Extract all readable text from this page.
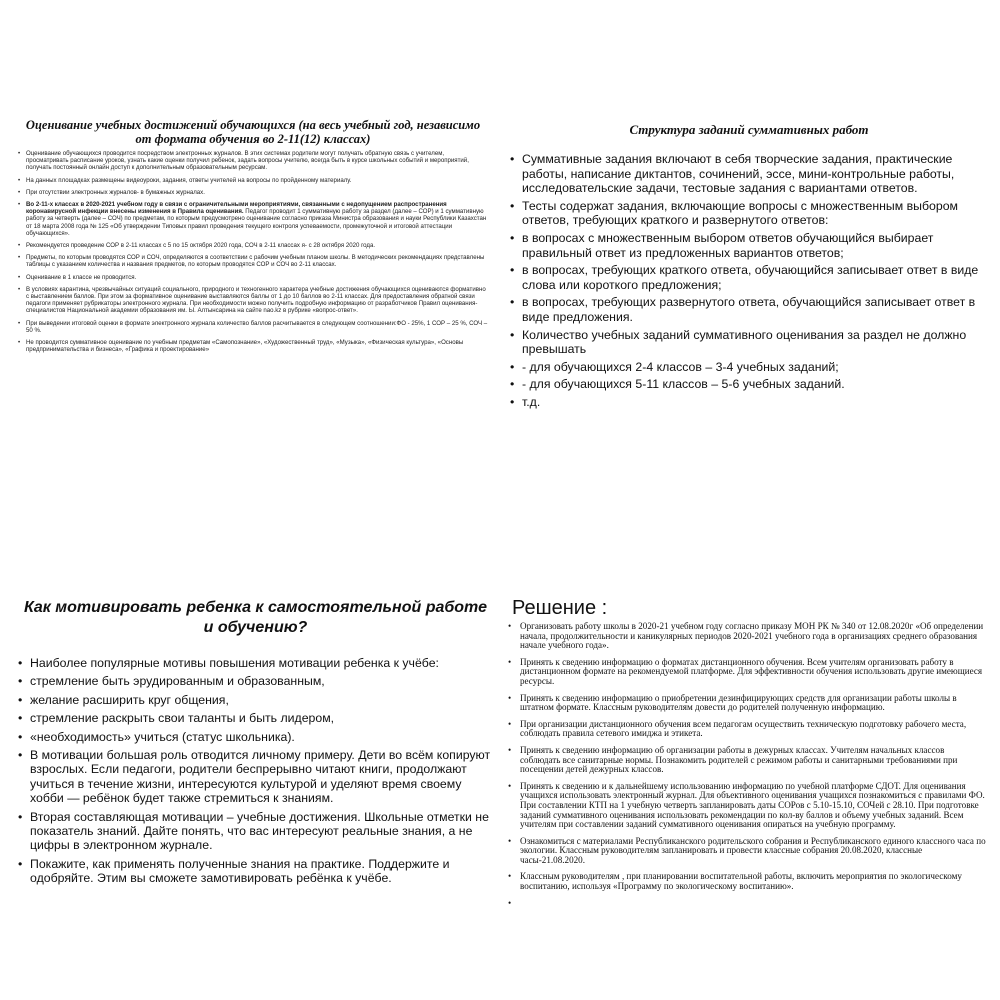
Оценивание учебных достижений обучающихся (на весь учебный год, независимо от формата обучения во 2-11(12) классах)
• Оценивание обучающихся проводится посредством электронных журналов. В этих системах родители могут получать обратную связь с учителем, просматривать расписание уроков, узнать какие оценки получил ребенок, задать вопросы учителю, всегда быть в курсе школьных событий и мероприятий, получать постоянный онлайн доступ к дополнительным образовательным ресурсам.
• На данных площадках размещены видеоуроки, задания, ответы учителей на вопросы по пройденному материалу.
• При отсутствии электронных журналов- в бумажных журналах.
• Во 2-11-х классах в 2020-2021 учебном году в связи с ограничительными мероприятиями, связанными с недопущением распространения коронавирусной инфекции внесены изменения в Правила оценивания. Педагог проводит 1 суммативную работу за раздел (далее – СОР) и 1 суммативную работу за четверть (далее – СОЧ) по предметам, по которым предусмотрено оценивание согласно приказа Министра образования и науки Республики Казахстан от 18 марта 2008 года № 125 «Об утверждении Типовых правил проведения текущего контроля успеваемости, промежуточной и итоговой аттестации обучающихся».
• Рекомендуется проведение СОР в 2-11 классах с 5 по 15 октября 2020 года, СОЧ в 2-11 классах я- с 28 октября 2020 года.
• Предметы, по которым проводятся СОР и СОЧ, определяются в соответствии с рабочим учебным планом школы. В методических рекомендациях представлены таблицы с указанием количества и названия предметов, по которым проводятся СОР и СОЧ во 2-11 классах.
• Оценивание в 1 классе не проводится.
• В условиях карантина, чрезвычайных ситуаций социального, природного и техногенного характера учебные достижения обучающихся оцениваются формативно с выставлением баллов. При этом за формативное оценивание выставляются баллы от 1 до 10 баллов во 2-11 классах. Для предоставления обратной связи педагоги применяет рубрикаторы электронного журнала. При необходимости можно получить подробную информацию от разработчиков Правил оценивания- специалистов Национальной академии образования им. Ы. Алтынсарина на сайте nao.kz в рубрике «вопрос-ответ».
• При выведении итоговой оценки в формате электронного журнала количество баллов расчитывается в следующем соотношении:ФО - 25%, 1 СОР – 25 %, СОЧ – 50 %.
• Не проводится суммативное оценивание по учебным предметам «Самопознание», «Художественный труд», «Музыка», «Физическая культура», «Основы предпринимательства и бизнеса», «Графика и проектирование»
Структура заданий суммативных работ
• Суммативные задания включают в себя творческие задания, практические работы, написание диктантов, сочинений, эссе, мини-контрольные работы, исследовательские задачи, тестовые задания с вариантами ответов.
• Тесты содержат задания, включающие вопросы с множественным выбором ответов, требующих краткого и развернутого ответов:
• в вопросах с множественным выбором ответов обучающийся выбирает правильный ответ из предложенных вариантов ответов;
• в вопросах, требующих краткого ответа, обучающийся записывает ответ в виде слова или короткого предложения;
• в вопросах, требующих развернутого ответа, обучающийся записывает ответ в виде предложения.
• Количество учебных заданий суммативного оценивания за раздел не должно превышать
• - для обучающихся 2-4 классов – 3-4 учебных заданий;
• - для обучающихся 5-11 классов – 5-6 учебных заданий.
• т.д.
Как мотивировать ребенка к самостоятельной работе и обучению?
• Наиболее популярные мотивы повышения мотивации ребенка к учёбе:
• стремление быть эрудированным и образованным,
• желание расширить круг общения,
• стремление раскрыть свои таланты и быть лидером,
• «необходимость» учиться (статус школьника).
• В мотивации большая роль отводится личному примеру. Дети во всём копируют взрослых. Если педагоги, родители беспрерывно читают книги, продолжают учиться в течение жизни, интересуются культурой и уделяют время своему хобби — ребёнок будет также стремиться к знаниям.
• Вторая составляющая мотивации – учебные достижения. Школьные отметки не показатель знаний. Дайте понять, что вас интересуют реальные знания, а не цифры в электронном журнале.
• Покажите, как применять полученные знания на практике. Поддержите и одобряйте. Этим вы сможете замотивировать ребёнка к учёбе.
Решение :
• Организовать работу школы в 2020-21 учебном году согласно приказу МОН РК № 340 от 12.08.2020г «Об определении начала, продолжительности и каникулярных периодов 2020-2021 учебного года в организациях среднего образования начале учебного года».
• Принять к сведению информацию о форматах дистанционного обучения. Всем учителям организовать работу в дистанционном формате на рекомендуемой платформе. Для эффективности обучения использовать другие имеющиеся ресурсы.
• Принять к сведению информацию о приобретении дезинфицирующих средств для организации работы школы в штатном формате. Классным руководителям довести до родителей полученную информацию.
• При организации дистанционного обучения всем педагогам осуществить техническую подготовку рабочего места, соблюдать правила сетевого имиджа и этикета.
• Принять к сведению информацию об организации работы в дежурных классах. Учителям начальных классов соблюдать все санитарные нормы. Познакомить родителей с режимом работы и санитарными требованиями при посещении детей дежурных классов.
• Принять к сведению и к дальнейшему использованию информацию по учебной платформе СДОТ. Для оценивания учащихся использовать электронный журнал. Для объективного оценивания учащихся познакомиться с правилами ФО. При составлении КТП на 1 учебную четверть запланировать даты СОРов с 5.10-15.10, СОЧей с 28.10. При подготовке заданий суммативного оценивания использовать рекомендации по кол-ву баллов и объему учебных заданий. Всем учителям при составлении заданий суммативного оценивания опираться на учебную программу.
• Ознакомиться с материалами Республиканского родительского собрания и Республиканского единого классного часа по экологии. Классным руководителям запланировать и провести классные собрания 20.08.2020, классные часы-21.08.2020.
• Классным руководителям , при планировании воспитательной работы, включить мероприятия по экологическому воспитанию, используя «Программу по экологическому воспитанию».
